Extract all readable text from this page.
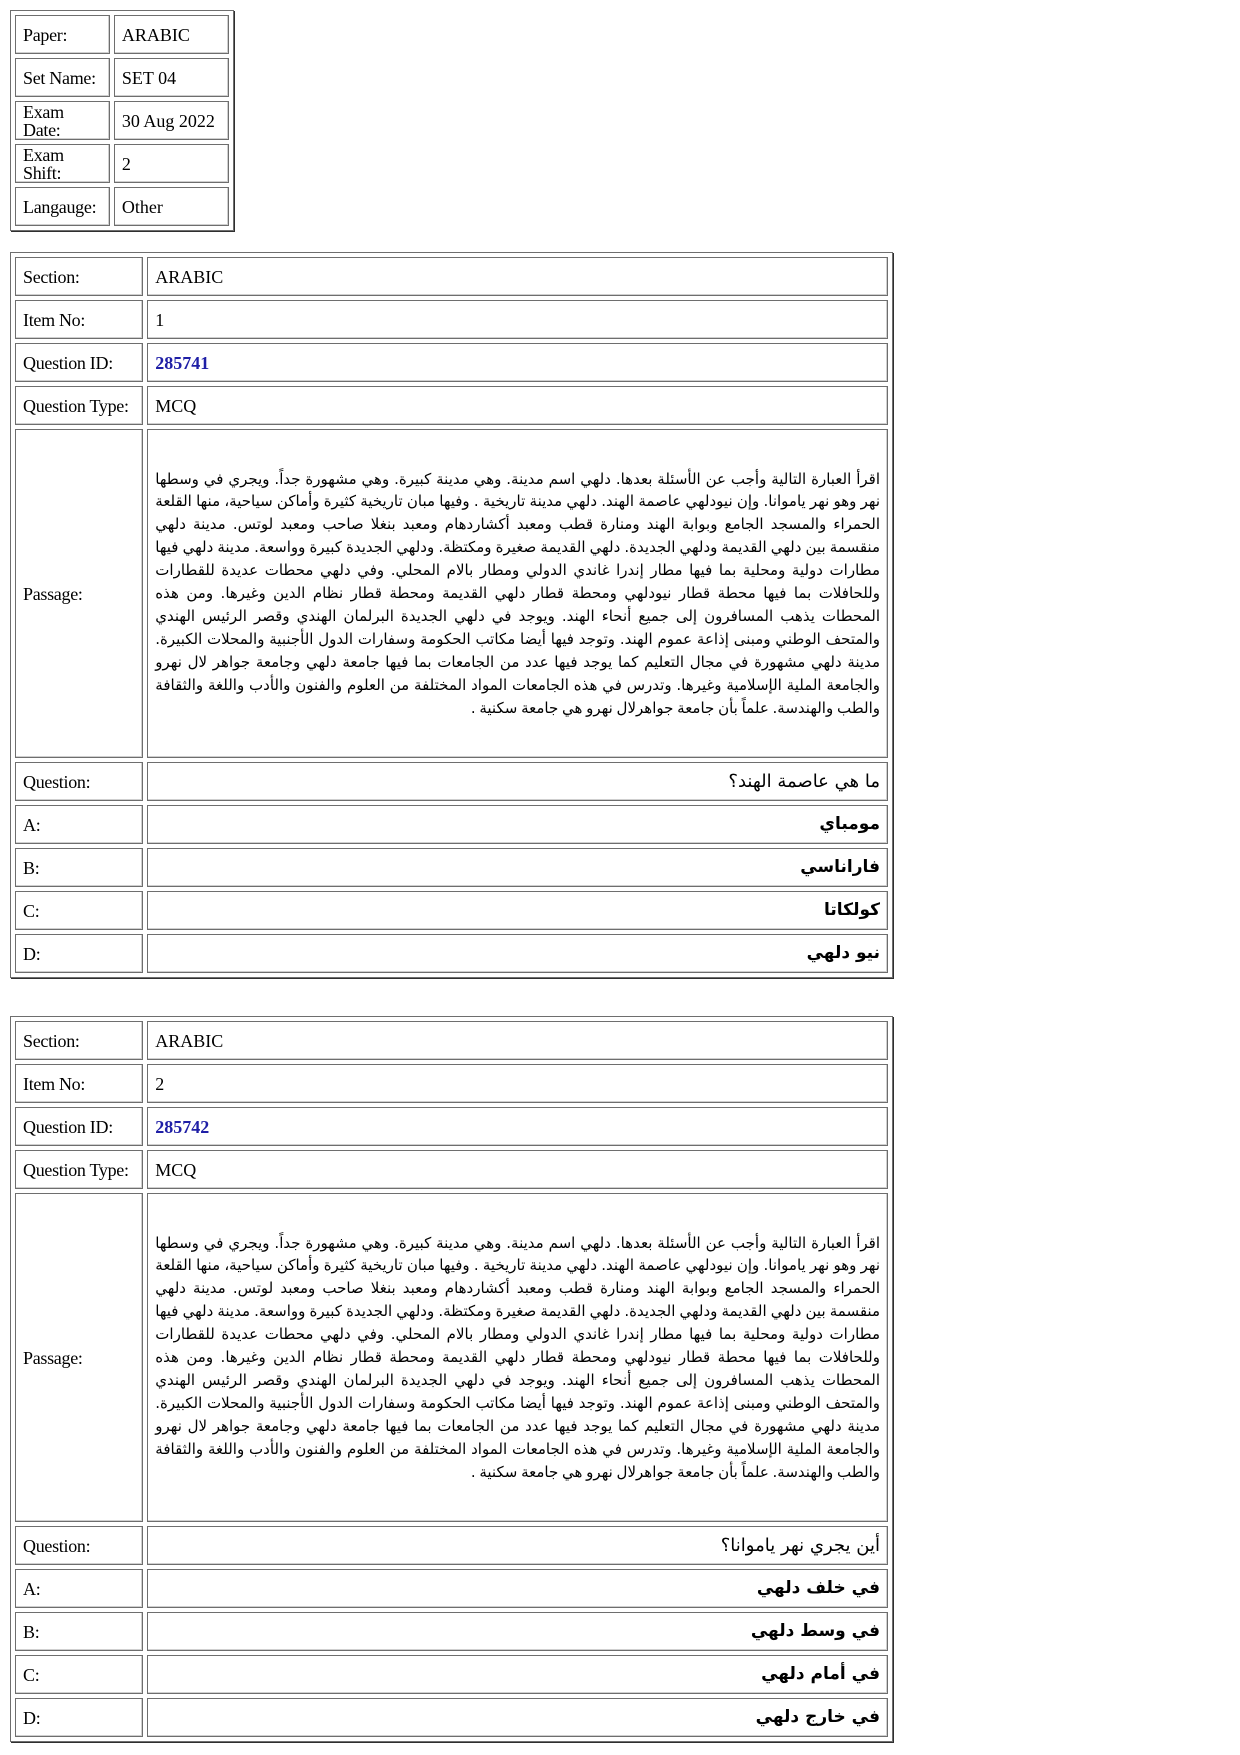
Paper:	ARABIC
Set Name:	SET 04
Exam Date:	30 Aug 2022
Exam Shift:	2
Langauge:	Other
Section:	ARABIC
Item No:	1
Question ID:	285741
Question Type:	MCQ
Passage:	اقرأ العبارة التالية وأجب عن الأسئلة بعدها. دلهي اسم مدينة. وهي مدينة كبيرة. وهي مشهورة جداً. ويجري في وسطها نهر وهو نهر ياموانا. وإن نيودلهي عاصمة الهند. دلهي مدينة تاريخية . وفيها مبان تاريخية كثيرة وأماكن سياحية، منها القلعة الحمراء والمسجد الجامع وبوابة الهند ومنارة قطب ومعبد أكشاردهام ومعبد بنغلا صاحب ومعبد لوتس. مدينة دلهي منقسمة بين دلهي القديمة ودلهي الجديدة. دلهي القديمة صغيرة ومكتظة. ودلهي الجديدة كبيرة وواسعة. مدينة دلهي فيها مطارات دولية ومحلية بما فيها مطار إندرا غاندي الدولي ومطار بالام المحلي. وفي دلهي محطات عديدة للقطارات وللحافلات بما فيها محطة قطار نيودلهي ومحطة قطار دلهي القديمة ومحطة قطار نظام الدين وغيرها. ومن هذه المحطات يذهب المسافرون إلى جميع أنحاء الهند. ويوجد في دلهي الجديدة البرلمان الهندي وقصر الرئيس الهندي والمتحف الوطني ومبنى إذاعة عموم الهند. وتوجد فيها أيضا مكاتب الحكومة وسفارات الدول الأجنبية والمحلات الكبيرة. مدينة دلهي مشهورة في مجال التعليم كما يوجد فيها عدد من الجامعات بما فيها جامعة دلهي وجامعة جواهر لال نهرو والجامعة الملية الإسلامية وغيرها. وتدرس في هذه الجامعات المواد المختلفة من العلوم والفنون والأدب واللغة والثقافة والطب والهندسة. علماً بأن جامعة جواهرلال نهرو هي جامعة سكنية .

Question:	ما هي عاصمة الهند؟
A:	مومباي
B:	فاراناسي
C:	كولكاتا
D:	نيو دلهي
Section:	ARABIC
Item No:	2
Question ID:	285742
Question Type:	MCQ
Passage:	اقرأ العبارة التالية وأجب عن الأسئلة بعدها. دلهي اسم مدينة. وهي مدينة كبيرة. وهي مشهورة جداً. ويجري في وسطها نهر وهو نهر ياموانا. وإن نيودلهي عاصمة الهند. دلهي مدينة تاريخية . وفيها مبان تاريخية كثيرة وأماكن سياحية، منها القلعة الحمراء والمسجد الجامع وبوابة الهند ومنارة قطب ومعبد أكشاردهام ومعبد بنغلا صاحب ومعبد لوتس. مدينة دلهي منقسمة بين دلهي القديمة ودلهي الجديدة. دلهي القديمة صغيرة ومكتظة. ودلهي الجديدة كبيرة وواسعة. مدينة دلهي فيها مطارات دولية ومحلية بما فيها مطار إندرا غاندي الدولي ومطار بالام المحلي. وفي دلهي محطات عديدة للقطارات وللحافلات بما فيها محطة قطار نيودلهي ومحطة قطار دلهي القديمة ومحطة قطار نظام الدين وغيرها. ومن هذه المحطات يذهب المسافرون إلى جميع أنحاء الهند. ويوجد في دلهي الجديدة البرلمان الهندي وقصر الرئيس الهندي والمتحف الوطني ومبنى إذاعة عموم الهند. وتوجد فيها أيضا مكاتب الحكومة وسفارات الدول الأجنبية والمحلات الكبيرة. مدينة دلهي مشهورة في مجال التعليم كما يوجد فيها عدد من الجامعات بما فيها جامعة دلهي وجامعة جواهر لال نهرو والجامعة الملية الإسلامية وغيرها. وتدرس في هذه الجامعات المواد المختلفة من العلوم والفنون والأدب واللغة والثقافة والطب والهندسة. علماً بأن جامعة جواهرلال نهرو هي جامعة سكنية .

Question:	أين يجري نهر ياموانا؟
A:	في خلف دلهي
B:	في وسط دلهي
C:	في أمام دلهي
D:	في خارج دلهي
